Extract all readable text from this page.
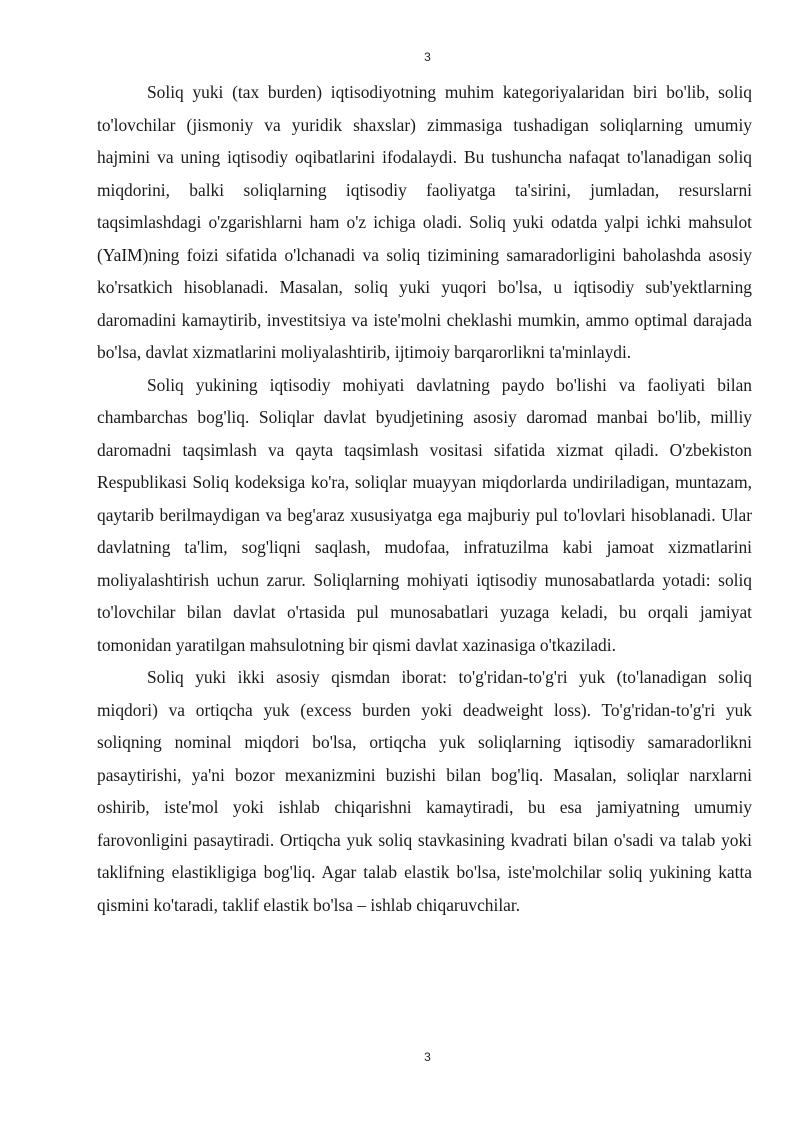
3

Soliq yuki (tax burden) iqtisodiyotning muhim kategoriyalaridan biri bo'lib, soliq to'lovchilar (jismoniy va yuridik shaxslar) zimmasiga tushadigan soliqlarning umumiy hajmini va uning iqtisodiy oqibatlarini ifodalaydi. Bu tushuncha nafaqat to'lanadigan soliq miqdorini, balki soliqlarning iqtisodiy faoliyatga ta'sirini, jumladan, resurslarni taqsimlashdagi o'zgarishlarni ham o'z ichiga oladi. Soliq yuki odatda yalpi ichki mahsulot (YaIM)ning foizi sifatida o'lchanadi va soliq tizimining samaradorligini baholashda asosiy ko'rsatkich hisoblanadi. Masalan, soliq yuki yuqori bo'lsa, u iqtisodiy sub'yektlarning daromadini kamaytirib, investitsiya va iste'molni cheklashi mumkin, ammo optimal darajada bo'lsa, davlat xizmatlarini moliyalashtirib, ijtimoiy barqarorlikni ta'minlaydi.

Soliq yukining iqtisodiy mohiyati davlatning paydo bo'lishi va faoliyati bilan chambarchas bog'liq. Soliqlar davlat byudjetining asosiy daromad manbai bo'lib, milliy daromadni taqsimlash va qayta taqsimlash vositasi sifatida xizmat qiladi. O'zbekiston Respublikasi Soliq kodeksiga ko'ra, soliqlar muayyan miqdorlarda undiriladigan, muntazam, qaytarib berilmaydigan va beg'araz xususiyatga ega majburiy pul to'lovlari hisoblanadi. Ular davlatning ta'lim, sog'liqni saqlash, mudofaa, infratuzilma kabi jamoat xizmatlarini moliyalashtirish uchun zarur. Soliqlarning mohiyati iqtisodiy munosabatlarda yotadi: soliq to'lovchilar bilan davlat o'rtasida pul munosabatlari yuzaga keladi, bu orqali jamiyat tomonidan yaratilgan mahsulotning bir qismi davlat xazinasiga o'tkaziladi.

Soliq yuki ikki asosiy qismdan iborat: to'g'ridan-to'g'ri yuk (to'lanadigan soliq miqdori) va ortiqcha yuk (excess burden yoki deadweight loss). To'g'ridan-to'g'ri yuk soliqning nominal miqdori bo'lsa, ortiqcha yuk soliqlarning iqtisodiy samaradorlikni pasaytirishi, ya'ni bozor mexanizmini buzishi bilan bog'liq. Masalan, soliqlar narxlarni oshirib, iste'mol yoki ishlab chiqarishni kamaytiradi, bu esa jamiyatning umumiy farovonligini pasaytiradi. Ortiqcha yuk soliq stavkasining kvadrati bilan o'sadi va talab yoki taklifning elastikligiga bog'liq. Agar talab elastik bo'lsa, iste'molchilar soliq yukining katta qismini ko'taradi, taklif elastik bo'lsa – ishlab chiqaruvchilar.

3
